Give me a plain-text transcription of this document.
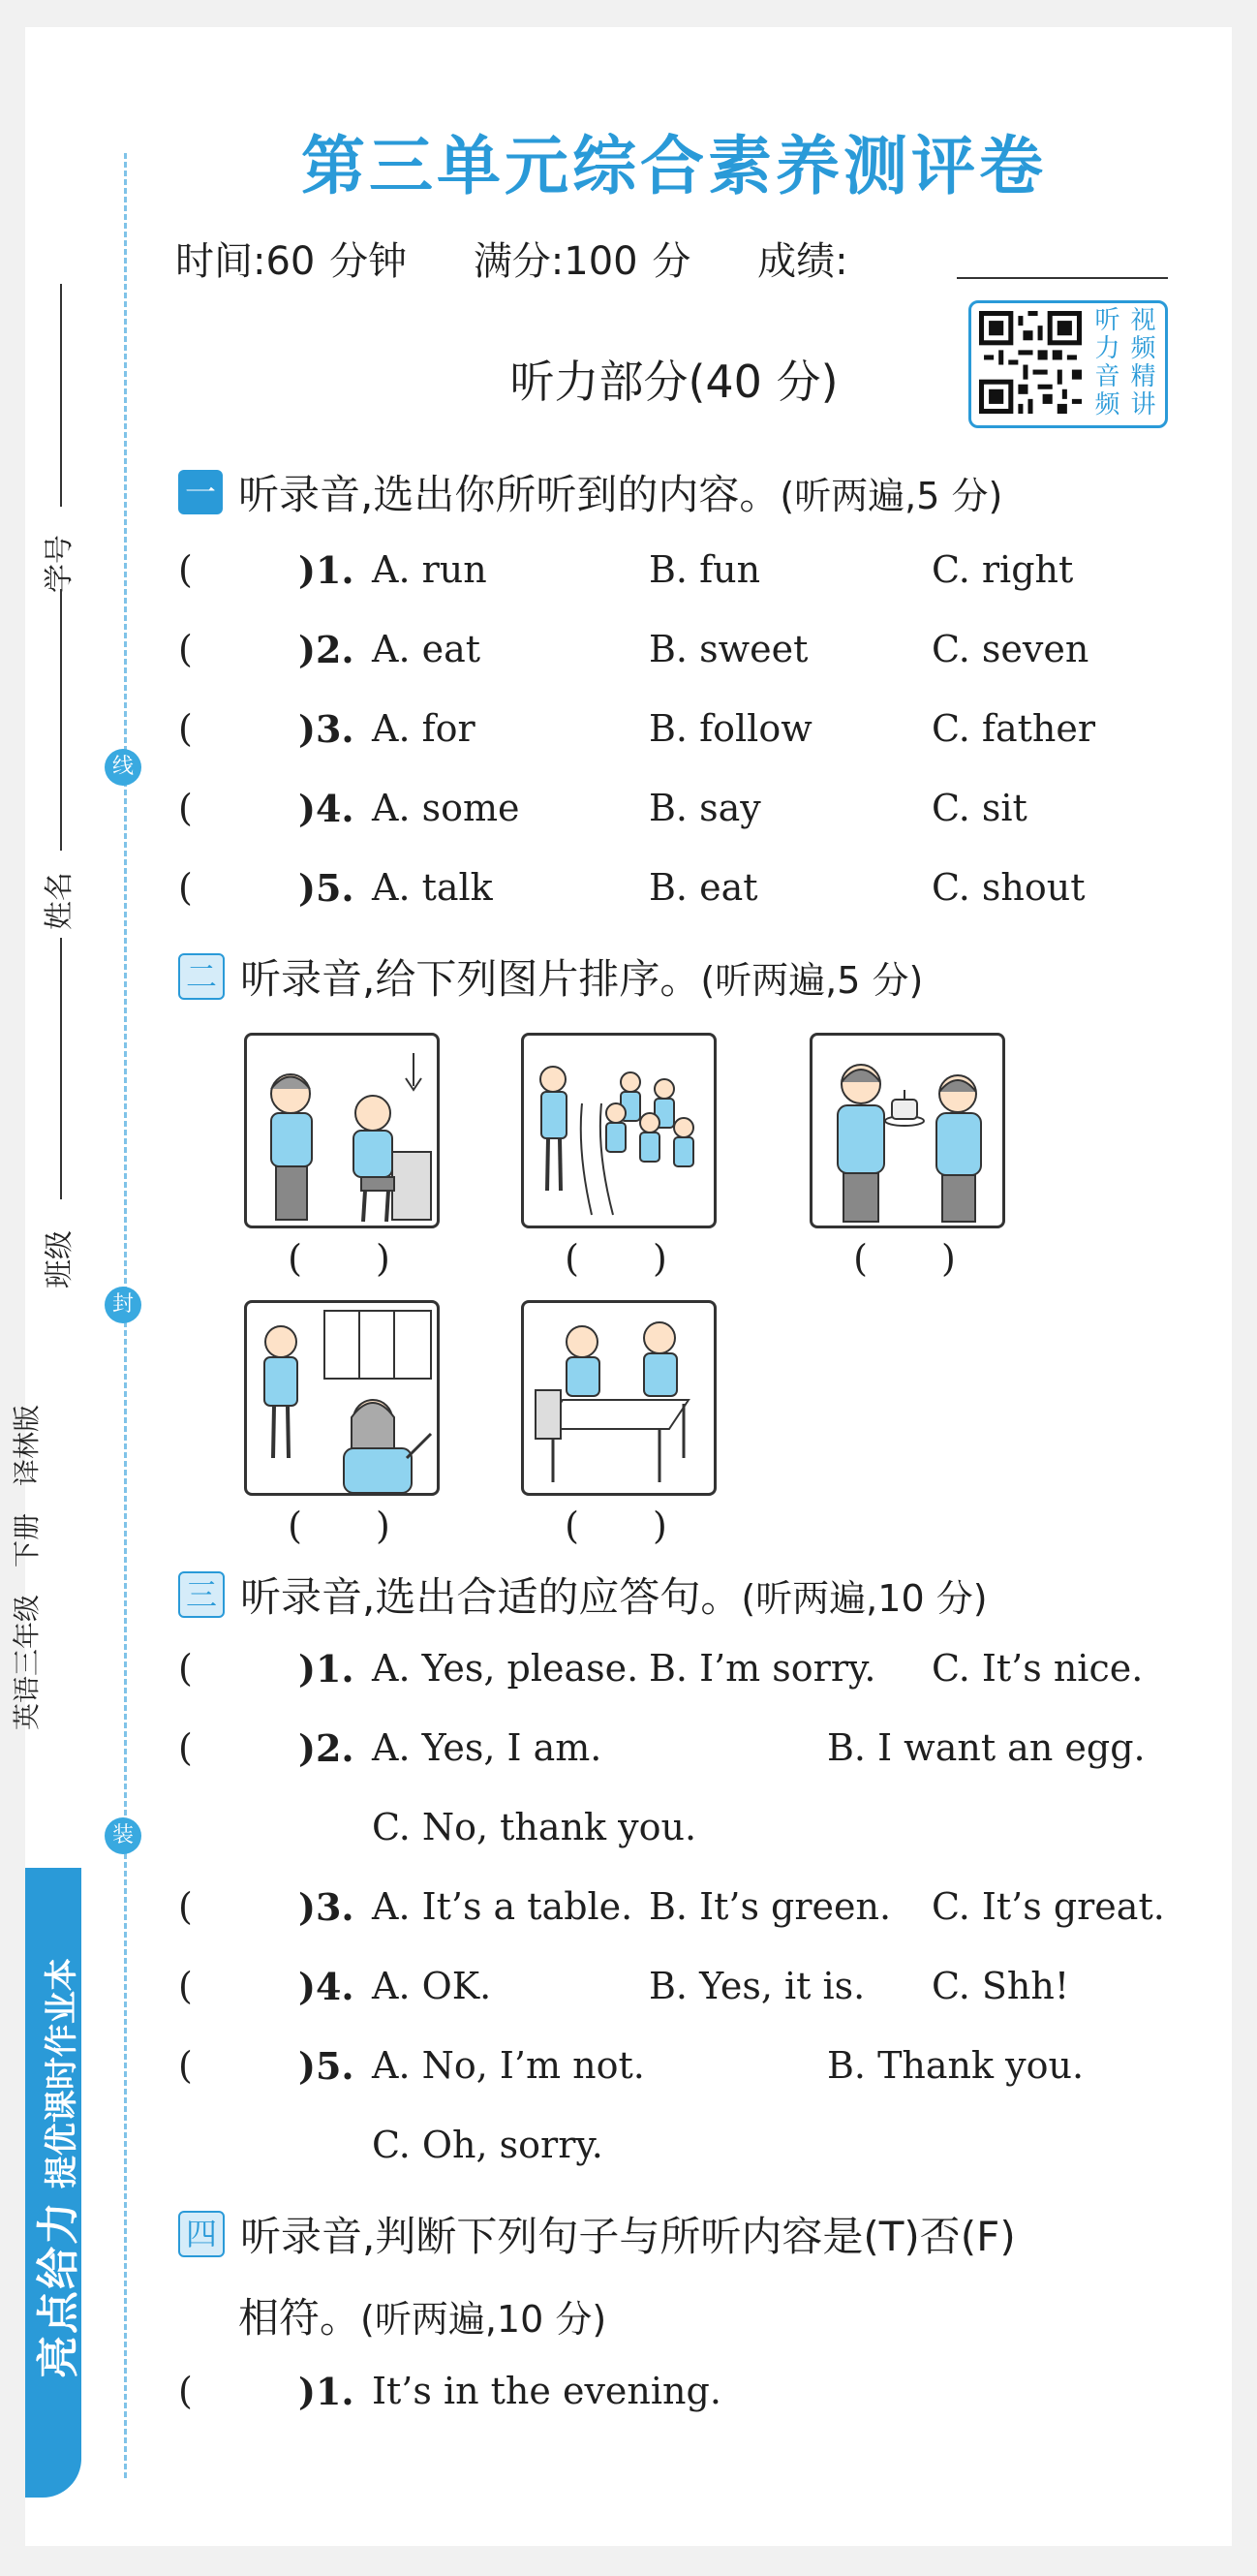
学号
姓名
班级
英语三年级　下册　译林版
亮点给力 提优课时作业本
线
封
装
第三单元综合素养测评卷
时间:60 分钟 满分:100 分 成绩:
听力部分(40 分)
听 视
力 频
音 精
频 讲
一 听录音,选出你所听到的内容。 (听两遍,5 分)
(	)1. A. run	B. fun	C. right
(	)2. A. eat	B. sweet	C. seven
(	)3. A. for	B. follow	C. father
(	)4. A. some	B. say	C. sit
(	)5. A. talk	B. eat	C. shout
二 听录音,给下列图片排序。 (听两遍,5 分)
(　　)	(　　)	(　　)
(　　)	(　　)
三 听录音,选出合适的应答句。 (听两遍,10 分)
(	)1. A. Yes, please. B. I’m sorry. C. It’s nice.
(	)2. A. Yes, I am.	B. I want an egg.
C. No, thank you.
(	)3. A. It’s a table. B. It’s green. C. It’s great.
(	)4. A. OK.	B. Yes, it is. C. Shh!
(	)5. A. No, I’m not.	B. Thank you.
C. Oh, sorry.
四 听录音,判断下列句子与所听内容是(T)否(F)
相符。 (听两遍,10 分)
(	)1. It’s in the evening.
